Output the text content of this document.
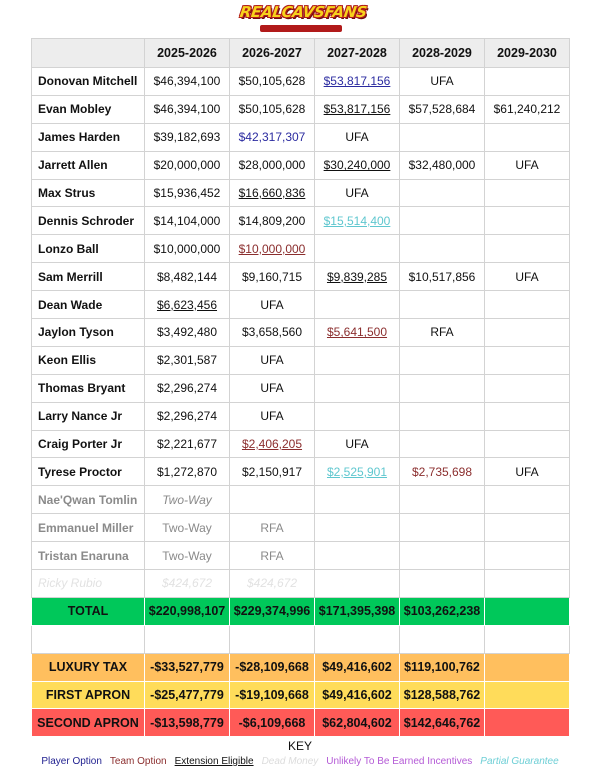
REALCAVSFANS
	2025-2026	2026-2027	2027-2028	2028-2029	2029-2030
Donovan Mitchell	$46,394,100	$50,105,628	$53,817,156	UFA	
Evan Mobley	$46,394,100	$50,105,628	$53,817,156	$57,528,684	$61,240,212
James Harden	$39,182,693	$42,317,307	UFA		
Jarrett Allen	$20,000,000	$28,000,000	$30,240,000	$32,480,000	UFA
Max Strus	$15,936,452	$16,660,836	UFA		
Dennis Schroder	$14,104,000	$14,809,200	$15,514,400		
Lonzo Ball	$10,000,000	$10,000,000			
Sam Merrill	$8,482,144	$9,160,715	$9,839,285	$10,517,856	UFA
Dean Wade	$6,623,456	UFA			
Jaylon Tyson	$3,492,480	$3,658,560	$5,641,500	RFA	
Keon Ellis	$2,301,587	UFA			
Thomas Bryant	$2,296,274	UFA			
Larry Nance Jr	$2,296,274	UFA			
Craig Porter Jr	$2,221,677	$2,406,205	UFA		
Tyrese Proctor	$1,272,870	$2,150,917	$2,525,901	$2,735,698	UFA
Nae'Qwan Tomlin	Two-Way				
Emmanuel Miller	Two-Way	RFA			
Tristan Enaruna	Two-Way	RFA			
Ricky Rubio	$424,672	$424,672			
TOTAL	$220,998,107	$229,374,996	$171,395,398	$103,262,238	

LUXURY TAX	-$33,527,779	-$28,109,668	$49,416,602	$119,100,762	
FIRST APRON	-$25,477,779	-$19,109,668	$49,416,602	$128,588,762	
SECOND APRON	-$13,598,779	-$6,109,668	$62,804,602	$142,646,762	
KEY
Player Option Team Option Extension Eligible Dead Money Unlikely To Be Earned Incentives Partial Guarantee
